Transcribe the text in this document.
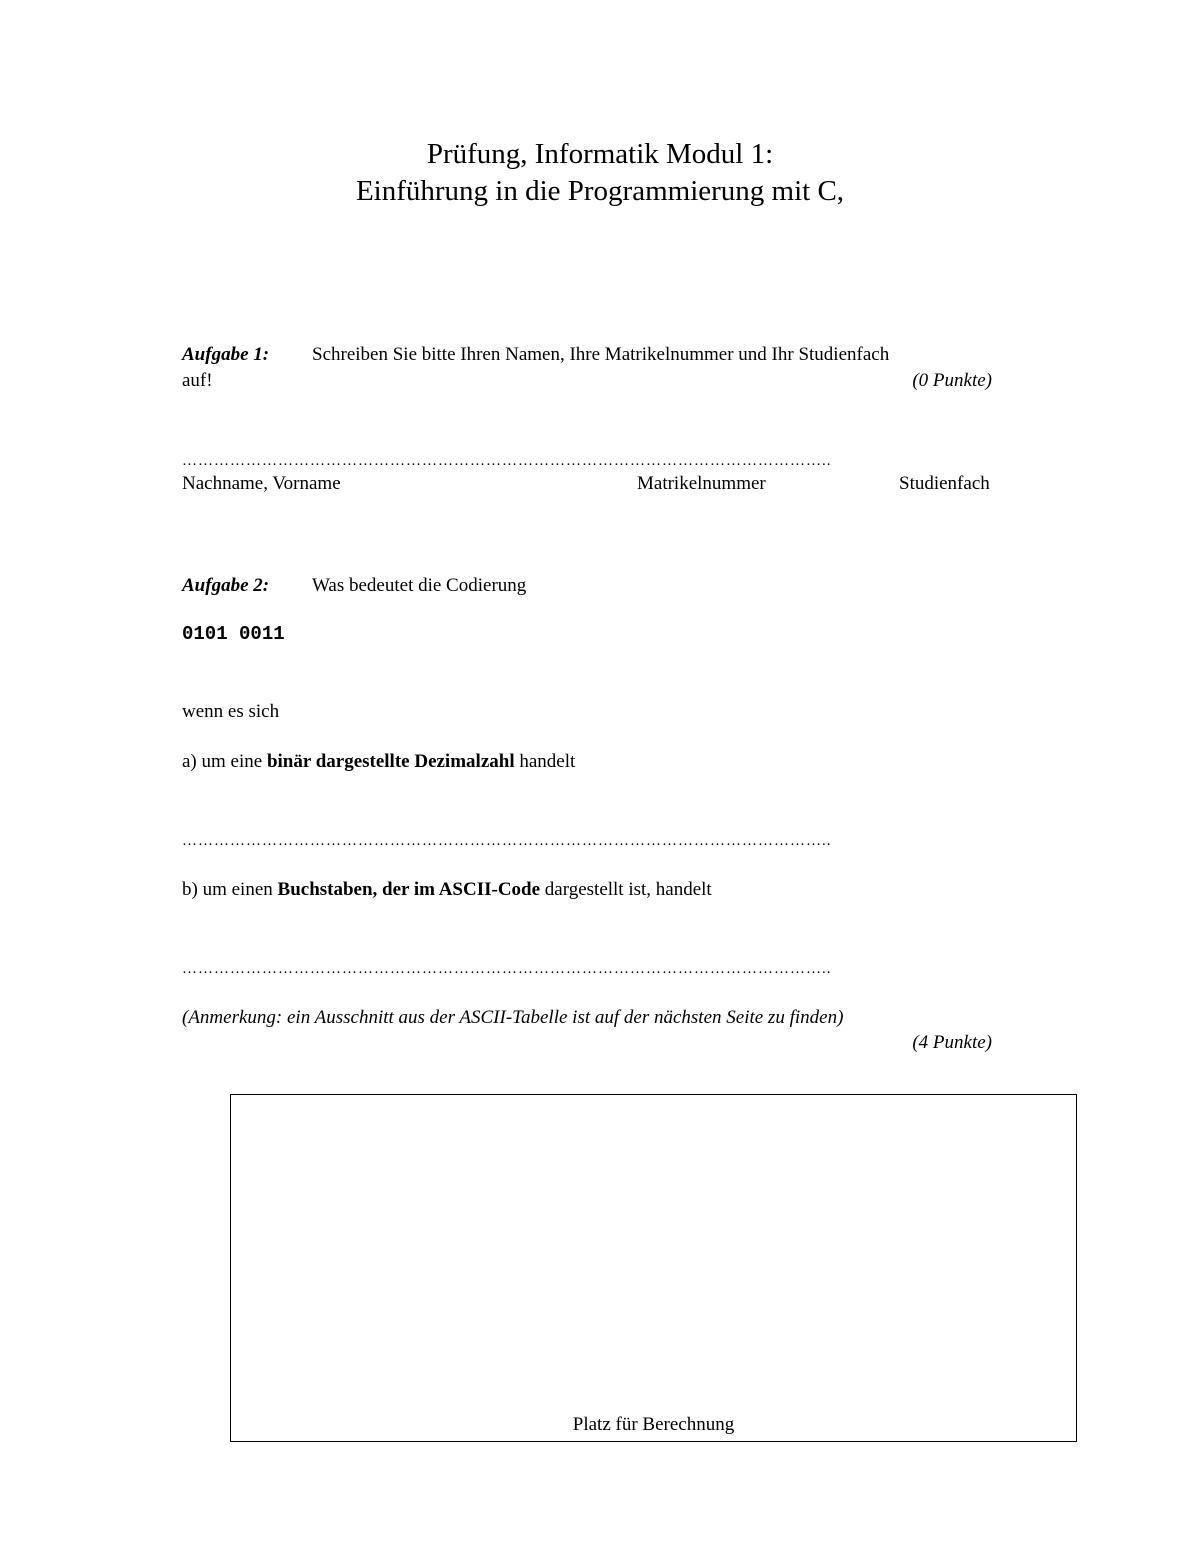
Prüfung, Informatik Modul 1:
Einführung in die Programmierung mit C,
Aufgabe 1: Schreiben Sie bitte Ihren Namen, Ihre Matrikelnummer und Ihr Studienfach
auf!	(0 Punkte)
…………………………………………………………………………………………………………..
Nachname, Vorname	Matrikelnummer	Studienfach
Aufgabe 2: Was bedeutet die Codierung
0101 0011
wenn es sich
a) um eine binär dargestellte Dezimalzahl handelt
…………………………………………………………………………………………………………..
b) um einen Buchstaben, der im ASCII-Code dargestellt ist, handelt
…………………………………………………………………………………………………………..
(Anmerkung: ein Ausschnitt aus der ASCII-Tabelle ist auf der nächsten Seite zu finden)
(4 Punkte)
Platz für Berechnung
